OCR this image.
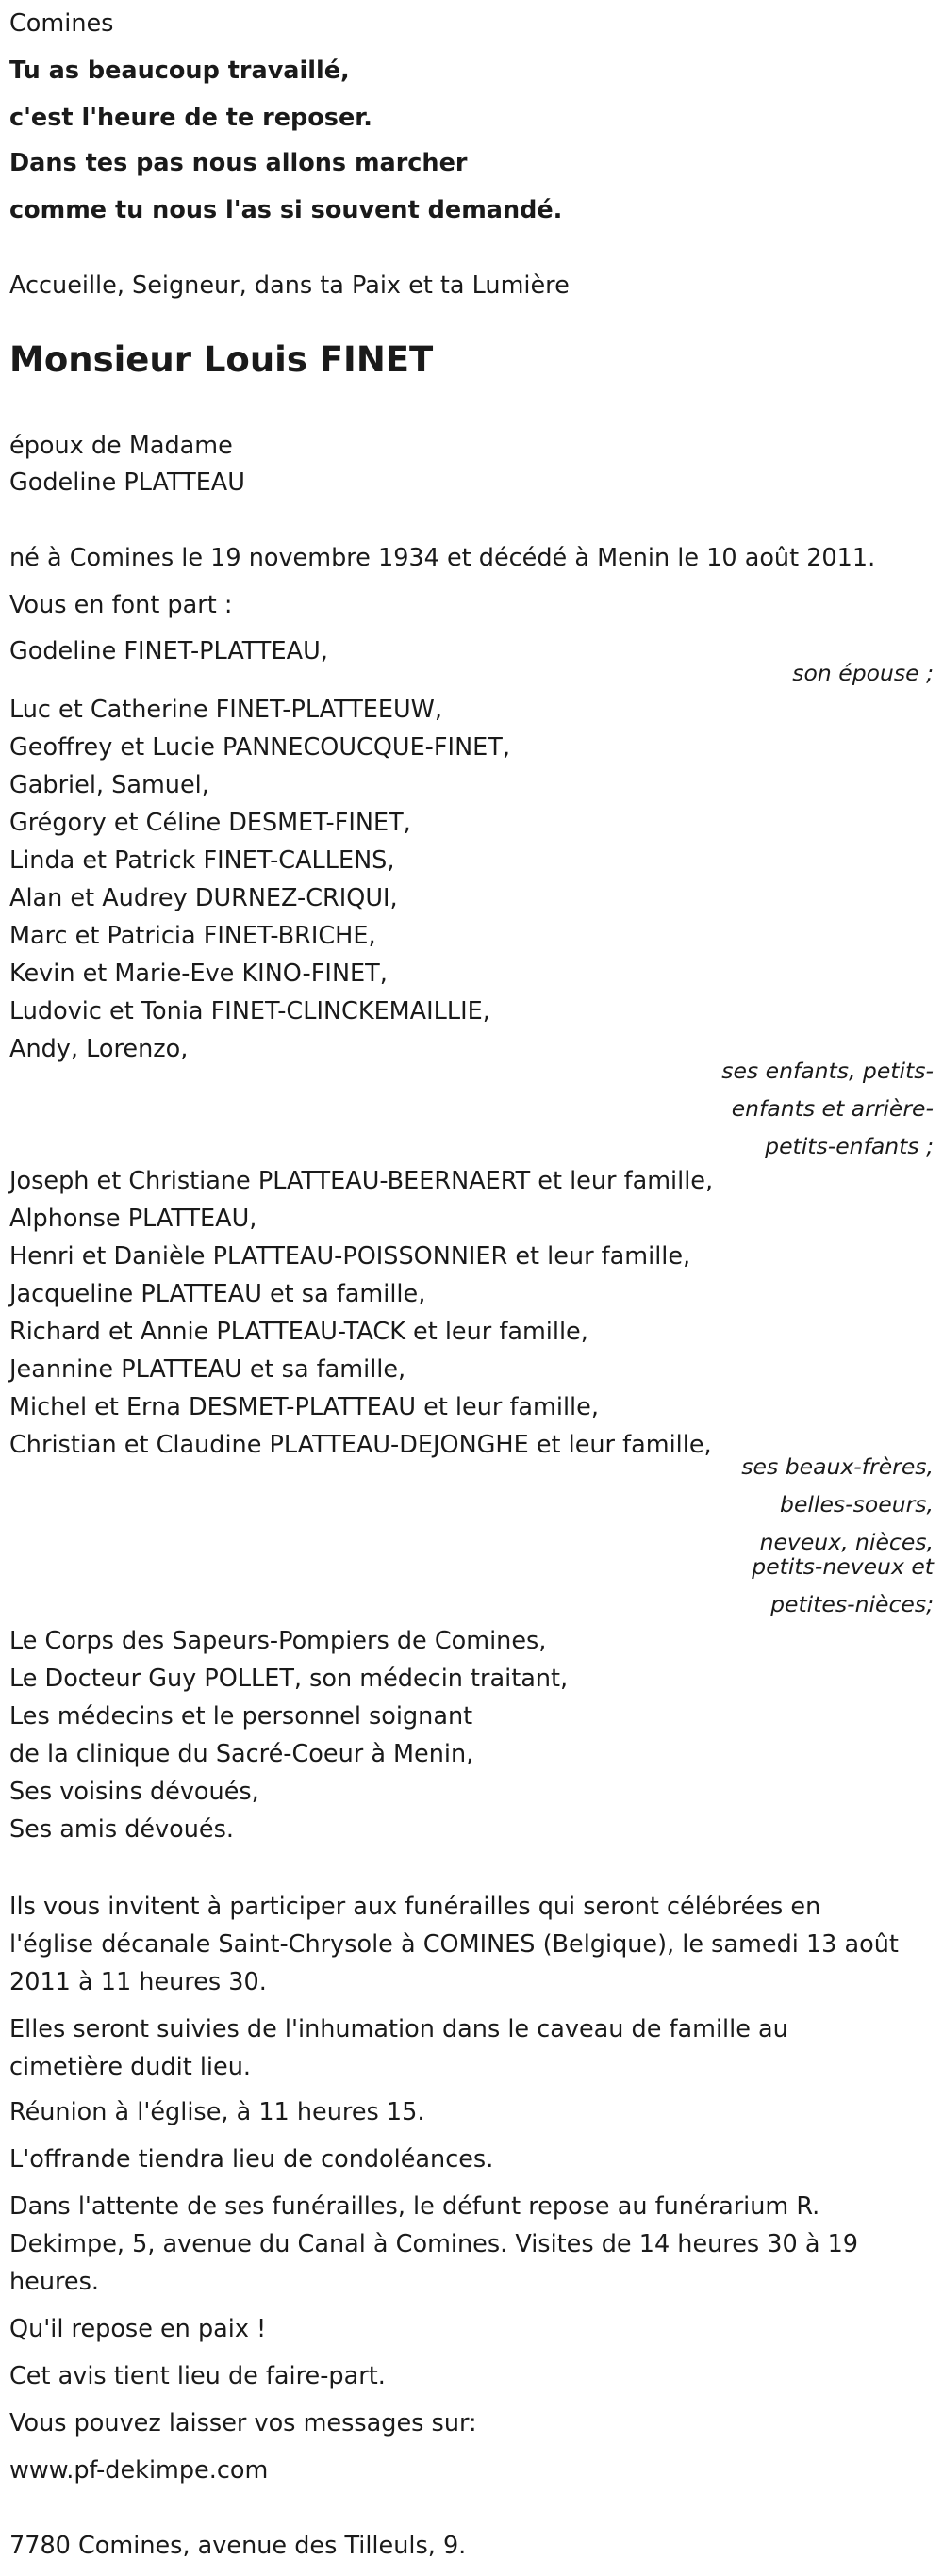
Comines
Tu as beaucoup travaillé,
c'est l'heure de te reposer.
Dans tes pas nous allons marcher
comme tu nous l'as si souvent demandé.
Accueille, Seigneur, dans ta Paix et ta Lumière
Monsieur Louis FINET
époux de Madame
Godeline PLATTEAU
né à Comines le 19 novembre 1934 et décédé à Menin le 10 août 2011.
Vous en font part :
Godeline FINET-PLATTEAU,
son épouse ;
Luc et Catherine FINET-PLATTEEUW,
Geoffrey et Lucie PANNECOUCQUE-FINET,
Gabriel, Samuel,
Grégory et Céline DESMET-FINET,
Linda et Patrick FINET-CALLENS,
Alan et Audrey DURNEZ-CRIQUI,
Marc et Patricia FINET-BRICHE,
Kevin et Marie-Eve KINO-FINET,
Ludovic et Tonia FINET-CLINCKEMAILLIE,
Andy, Lorenzo,
ses enfants, petits-
enfants et arrière-
petits-enfants ;
Joseph et Christiane PLATTEAU-BEERNAERT et leur famille,
Alphonse PLATTEAU,
Henri et Danièle PLATTEAU-POISSONNIER et leur famille,
Jacqueline PLATTEAU et sa famille,
Richard et Annie PLATTEAU-TACK et leur famille,
Jeannine PLATTEAU et sa famille,
Michel et Erna DESMET-PLATTEAU et leur famille,
Christian et Claudine PLATTEAU-DEJONGHE et leur famille,
ses beaux-frères,
belles-soeurs,
neveux, nièces,
petits-neveux et
petites-nièces;
Le Corps des Sapeurs-Pompiers de Comines,
Le Docteur Guy POLLET, son médecin traitant,
Les médecins et le personnel soignant
de la clinique du Sacré-Coeur à Menin,
Ses voisins dévoués,
Ses amis dévoués.
Ils vous invitent à participer aux funérailles qui seront célébrées en
l'église décanale Saint-Chrysole à COMINES (Belgique), le samedi 13 août
2011 à 11 heures 30.
Elles seront suivies de l'inhumation dans le caveau de famille au
cimetière dudit lieu.
Réunion à l'église, à 11 heures 15.
L'offrande tiendra lieu de condoléances.
Dans l'attente de ses funérailles, le défunt repose au funérarium R.
Dekimpe, 5, avenue du Canal à Comines. Visites de 14 heures 30 à 19
heures.
Qu'il repose en paix !
Cet avis tient lieu de faire-part.
Vous pouvez laisser vos messages sur:
www.pf-dekimpe.com
7780 Comines, avenue des Tilleuls, 9.
